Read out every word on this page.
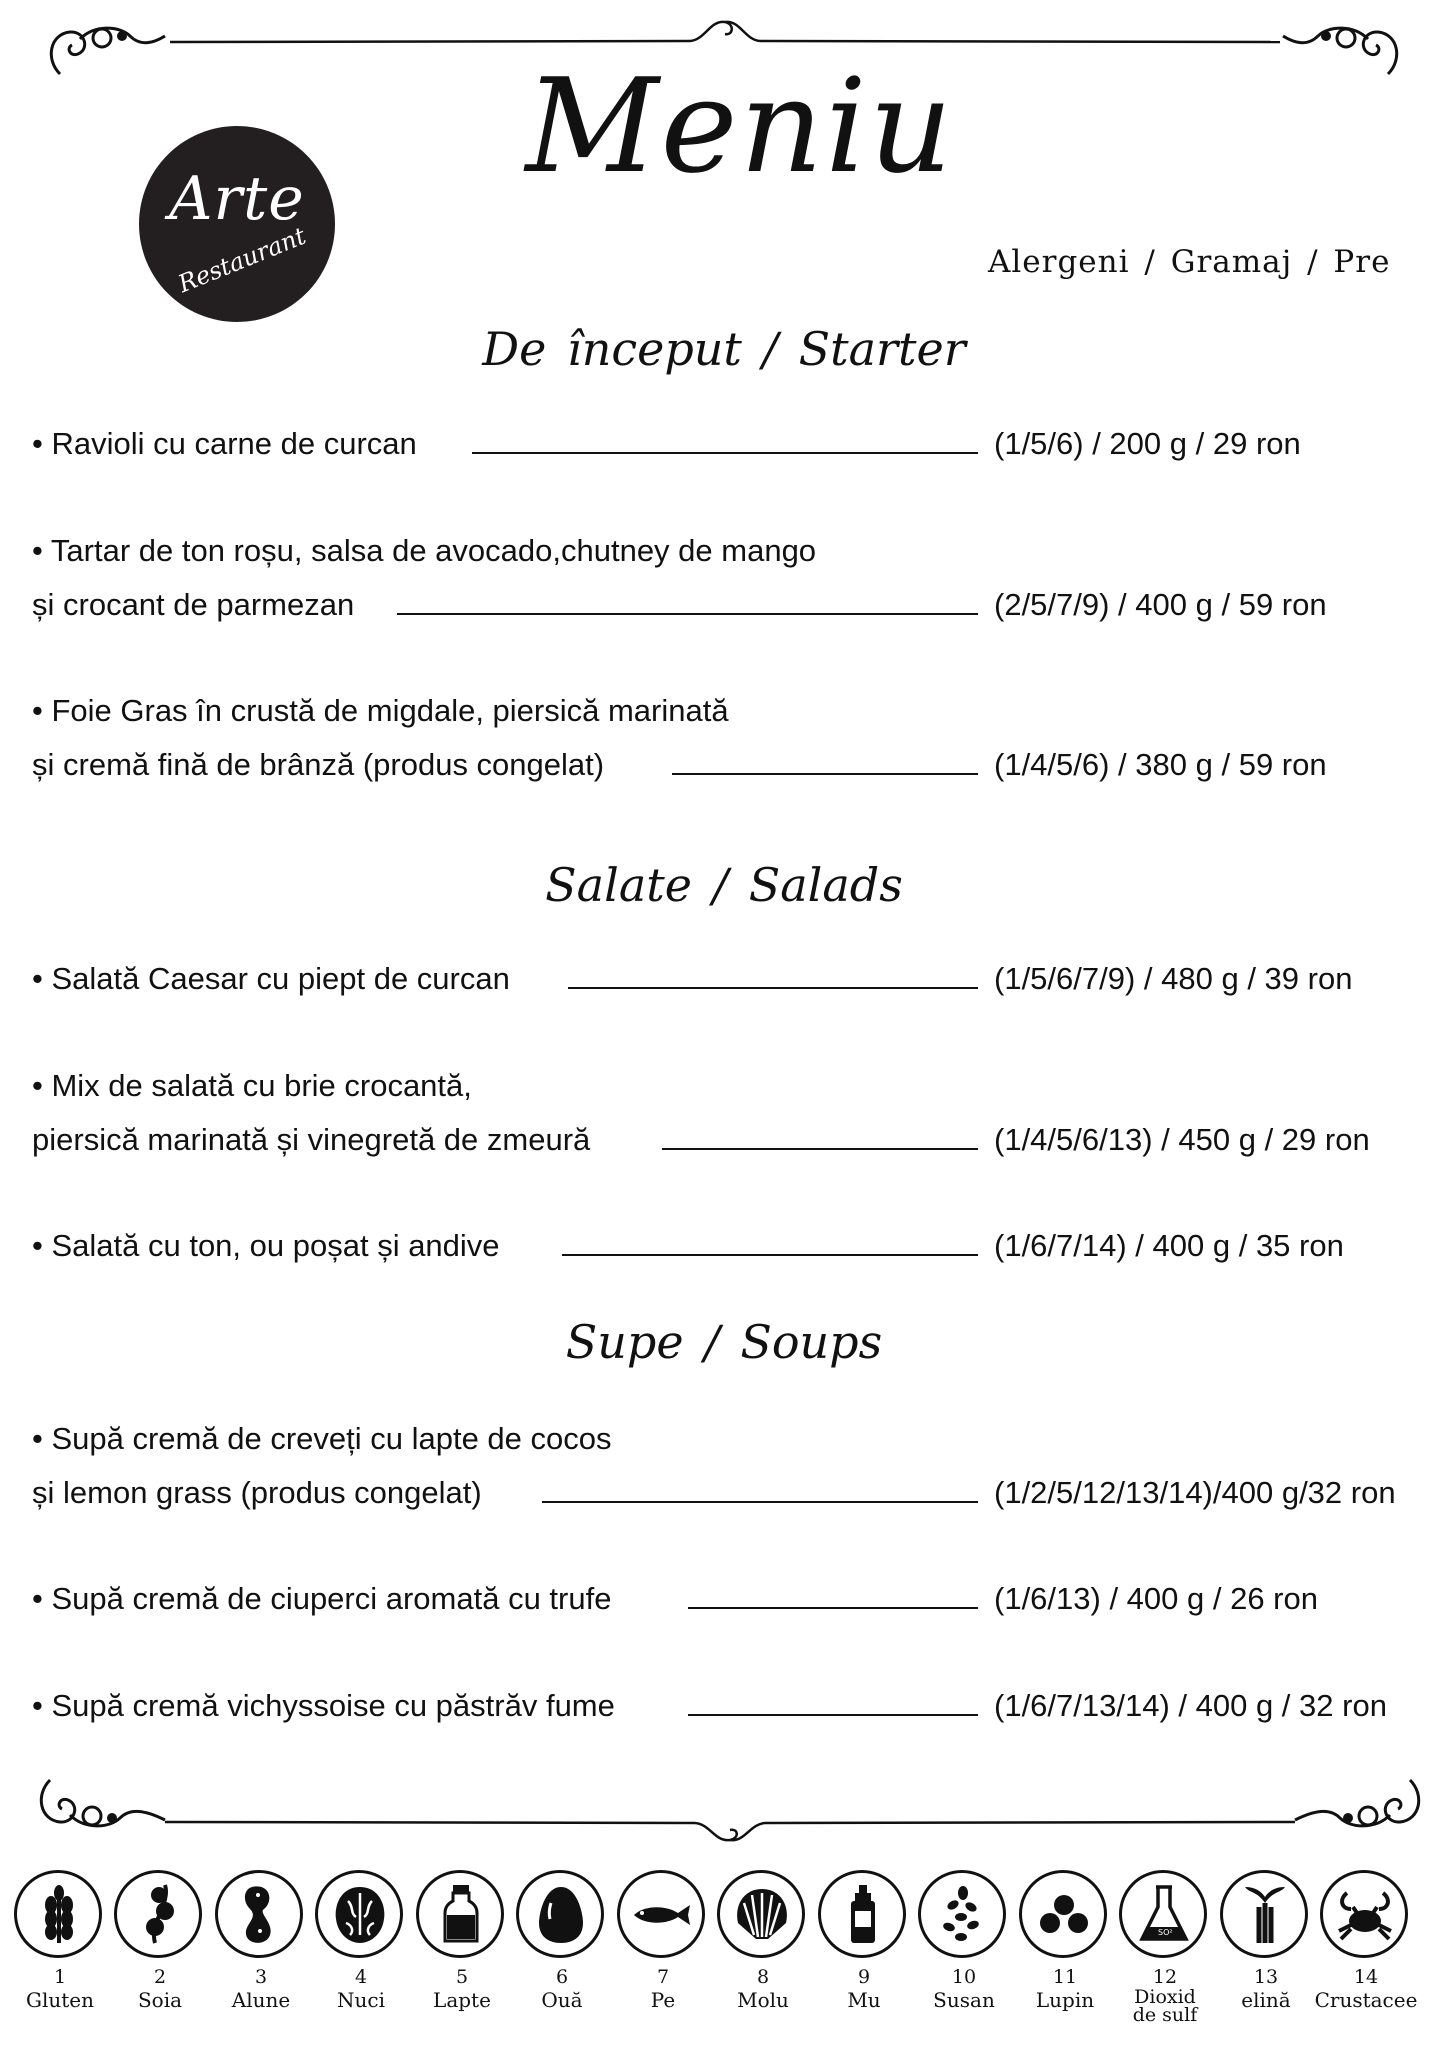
Arte
Restaurant
Meniu
Alergeni / Gramaj / Pre
De început / Starter
• Ravioli cu carne de curcan	(1/5/6) / 200 g / 29 ron
• Tartar de ton roșu, salsa de avocado,chutney de mango
și crocant de parmezan	(2/5/7/9) / 400 g / 59 ron
• Foie Gras în crustă de migdale, piersică marinată
și cremă fină de brânză (produs congelat)	(1/4/5/6) / 380 g / 59 ron
Salate / Salads
• Salată Caesar cu piept de curcan	(1/5/6/7/9) / 480 g / 39 ron
• Mix de salată cu brie crocantă,
piersică marinată și vinegretă de zmeură	(1/4/5/6/13) / 450 g / 29 ron
• Salată cu ton, ou poșat și andive	(1/6/7/14) / 400 g / 35 ron
Supe / Soups
• Supă cremă de creveți cu lapte de cocos
și lemon grass (produs congelat)	(1/2/5/12/13/14)/400 g/32 ron
• Supă cremă de ciuperci aromată cu trufe	(1/6/13) / 400 g / 26 ron
• Supă cremă vichyssoise cu păstrăv fume	(1/6/7/13/14) / 400 g / 32 ron
1
Gluten
2
Soia
3
Alune
4
Nuci
5
Lapte
6
Ouă
7
Pe
8
Molu
9
Mu
10
Susan
11
Lupin
SO²
12
Dioxid de sulf
13
elină
14
Crustacee
